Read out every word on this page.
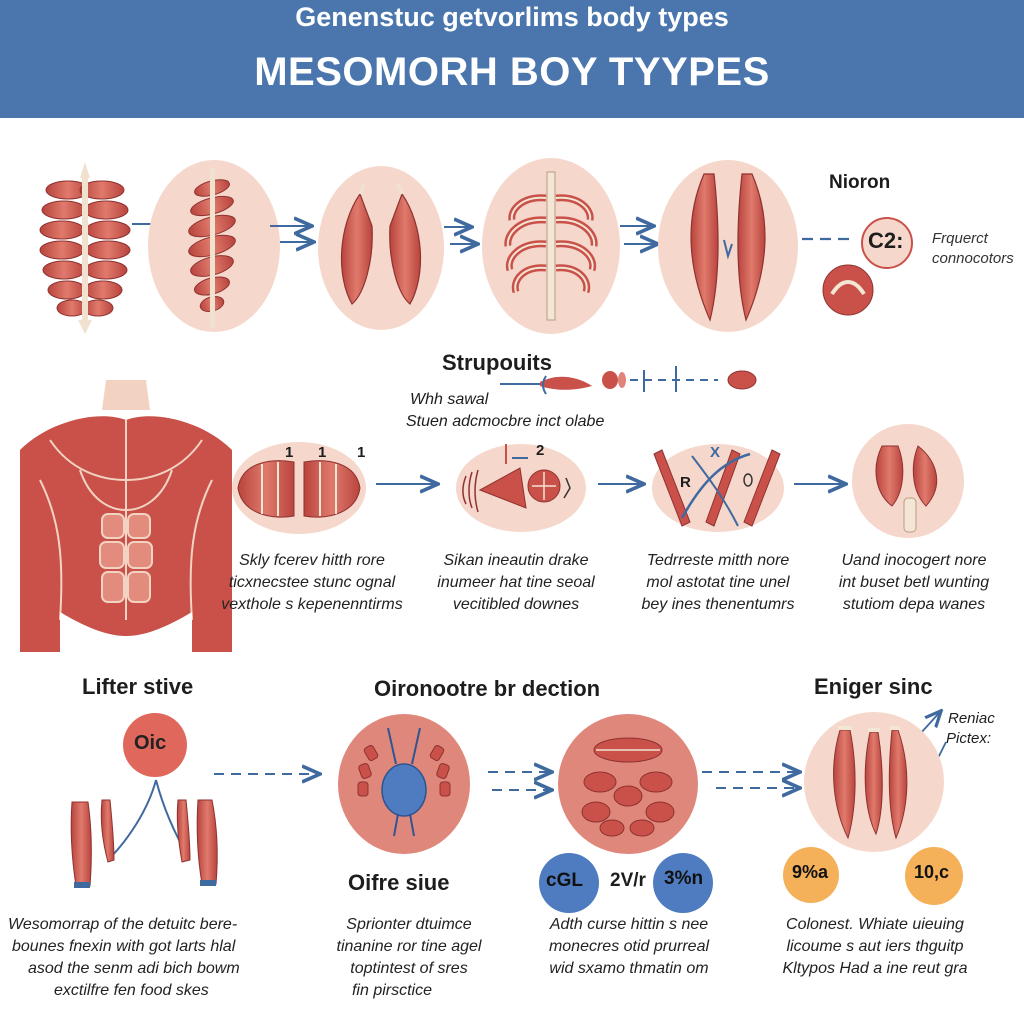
Genenstuc getvorlims body types
MESOMORH BOY TYYPES
Nioron
C2: Frquerct
connocotors
Strupouits
Whh sawal
Stuen adcmocbre inct olabe
1 1 1	2
R
X
Skly fcerev hitth rore
ticxnecstee stunc ognal
vexthole s kepenenntirms
Sikan ineautin drake
inumeer hat tine seoal
vecitibled downes
Tedrreste mitth nore
mol astotat tine unel
bey ines thenentumrs
Uand inocogert nore
int buset betl wunting
stutiom depa wanes
Lifter stive
Oic
Oironootre br dection
Oifre siue	cGL 2V/r 3%n
Eniger sinc
Reniac
Pictex:
9%a	10,c
Wesomorrap of the detuitc bere-
bounes fnexin with got larts hlal
asod the senm adi bich bowm
exctilfre fen food skes
Sprionter dtuimce
tinanine ror tine agel
toptintest of sres
fin pirsctice
Adth curse hittin s nee
monecres otid prurreal
wid sxamo thmatin om
Colonest. Whiate uieuing
licoume s aut iers thguitp
Kltypos Had a ine reut gra
